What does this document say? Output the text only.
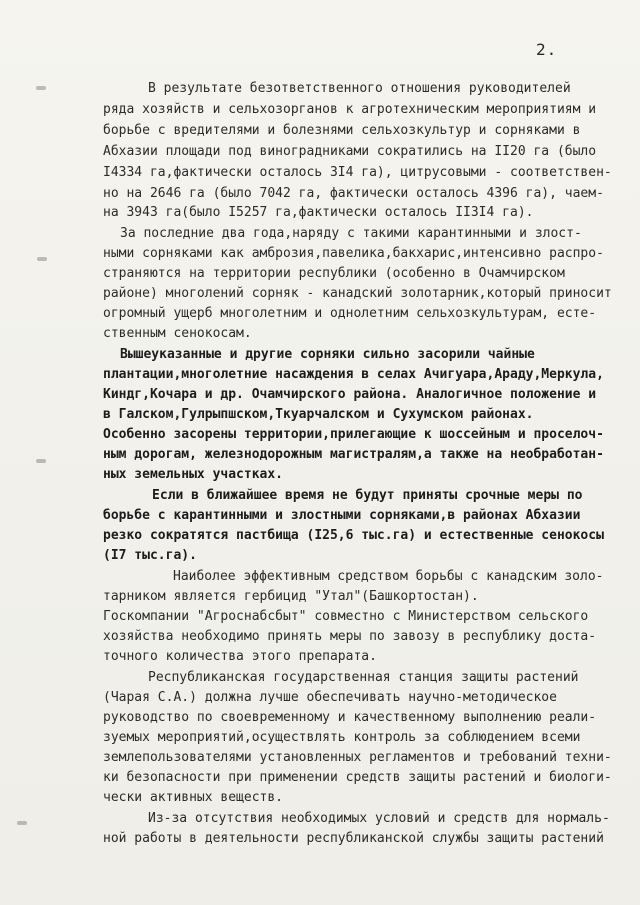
2.
В результате безответственного отношения руководителей
ряда хозяйств и сельхозорганов к агротехническим мероприятиям и
борьбе с вредителями и болезнями сельхозкультур и сорняками в
Абхазии площади под виноградниками сократились на II20 га (было
I4334 га,фактически осталось 3I4 га), цитрусовыми - соответствен-
но на 2646 га (было 7042 га, фактически осталось 4396 га), чаем-
на 3943 га(было I5257 га,фактически осталось II3I4 га).
За последние два года,наряду с такими карантинными и злост-
ными сорняками как амброзия,павелика,бакхарис,интенсивно распро-
страняются на территории республики (особенно в Очамчирском
районе) многолений сорняк - канадский золотарник,который приносит
огромный ущерб многолетним и однолетним сельхозкультурам, есте-
ственным сенокосам.
Вышеуказанные и другие сорняки сильно засорили чайные
плантации,многолетние насаждения в селах Ачигуара,Араду,Меркула,
Киндг,Кочара и др. Очамчирского района. Аналогичное положение и
в Галском,Гулрыпшском,Ткуарчалском и Сухумском районах.
Особенно засорены территории,прилегающие к шоссейным и проселоч-
ным дорогам, железнодорожным магистралям,а также на необработан-
ных земельных участках.
Если в ближайшее время не будут приняты срочные меры по
борьбе с карантинными и злостными сорняками,в районах Абхазии
резко сократятся пастбища (I25,6 тыс.га) и естественные сенокосы
(I7 тыс.га).
Наиболее эффективным средством борьбы с канадским золо-
тарником является гербицид "Утал"(Башкортостан).
Госкомпании "Агроснабсбыт" совместно с Министерством сельского
хозяйства необходимо принять меры по завозу в республику доста-
точного количества этого препарата.
Республиканская государственная станция защиты растений
(Чарая С.А.) должна лучше обеспечивать научно-методическое
руководство по своевременному и качественному выполнению реали-
зуемых мероприятий,осуществлять контроль за соблюдением всеми
землепользователями установленных регламентов и требований техни-
ки безопасности при применении средств защиты растений и биологи-
чески активных веществ.
Из-за отсутствия необходимых условий и средств для нормаль-
ной работы в деятельности республиканской службы защиты растений
